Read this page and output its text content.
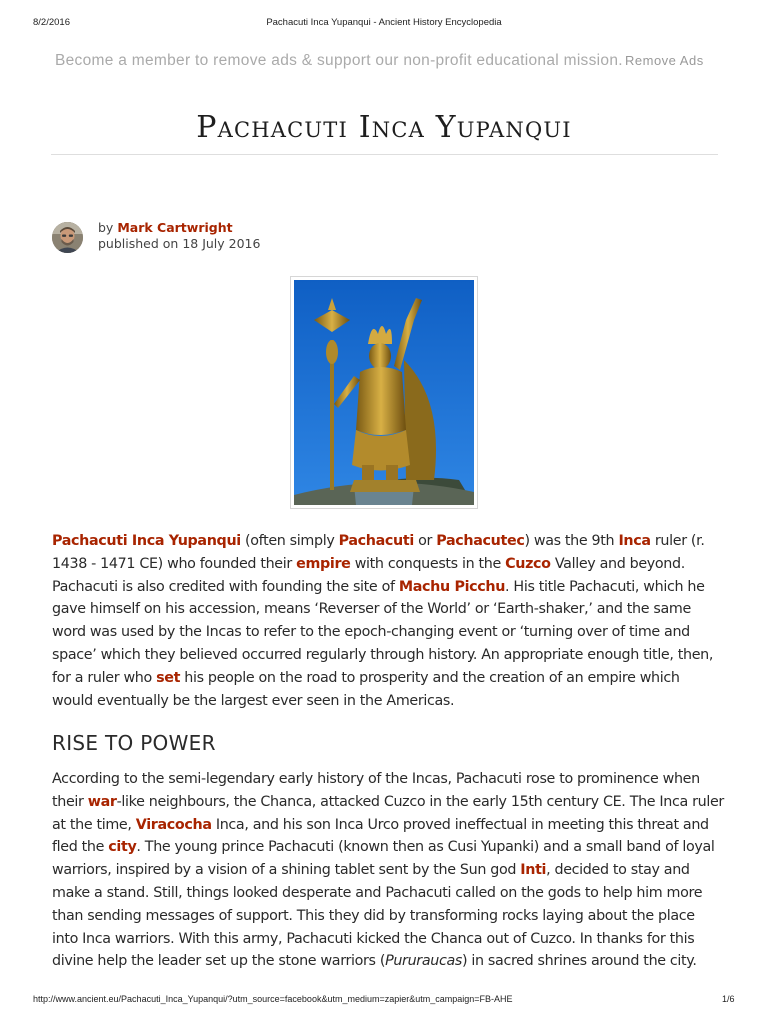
8/2/2016	Pachacuti Inca Yupanqui - Ancient History Encyclopedia
Become a member to remove ads & support our non-profit educational mission. Remove Ads
Pachacuti Inca Yupanqui
by Mark Cartwright
published on 18 July 2016

Pachacuti Inca Yupanqui (often simply Pachacuti or Pachacutec) was the 9th Inca ruler (r. 1438 - 1471 CE) who founded their empire with conquests in the Cuzco Valley and beyond. Pachacuti is also credited with founding the site of Machu Picchu. His title Pachacuti, which he gave himself on his accession, means ‘Reverser of the World’ or ‘Earth-shaker,’ and the same word was used by the Incas to refer to the epoch-changing event or ‘turning over of time and space’ which they believed occurred regularly through history. An appropriate enough title, then, for a ruler who set his people on the road to prosperity and the creation of an empire which would eventually be the largest ever seen in the Americas.

RISE TO POWER

According to the semi-legendary early history of the Incas, Pachacuti rose to prominence when their war-like neighbours, the Chanca, attacked Cuzco in the early 15th century CE. The Inca ruler at the time, Viracocha Inca, and his son Inca Urco proved ineffectual in meeting this threat and fled the city. The young prince Pachacuti (known then as Cusi Yupanki) and a small band of loyal warriors, inspired by a vision of a shining tablet sent by the Sun god Inti, decided to stay and make a stand. Still, things looked desperate and Pachacuti called on the gods to help him more than sending messages of support. This they did by transforming rocks laying about the place into Inca warriors. With this army, Pachacuti kicked the Chanca out of Cuzco. In thanks for this divine help the leader set up the stone warriors (Pururaucas) in sacred shrines around the city.

http://www.ancient.eu/Pachacuti_Inca_Yupanqui/?utm_source=facebook&utm_medium=zapier&utm_campaign=FB-AHE	1/6
